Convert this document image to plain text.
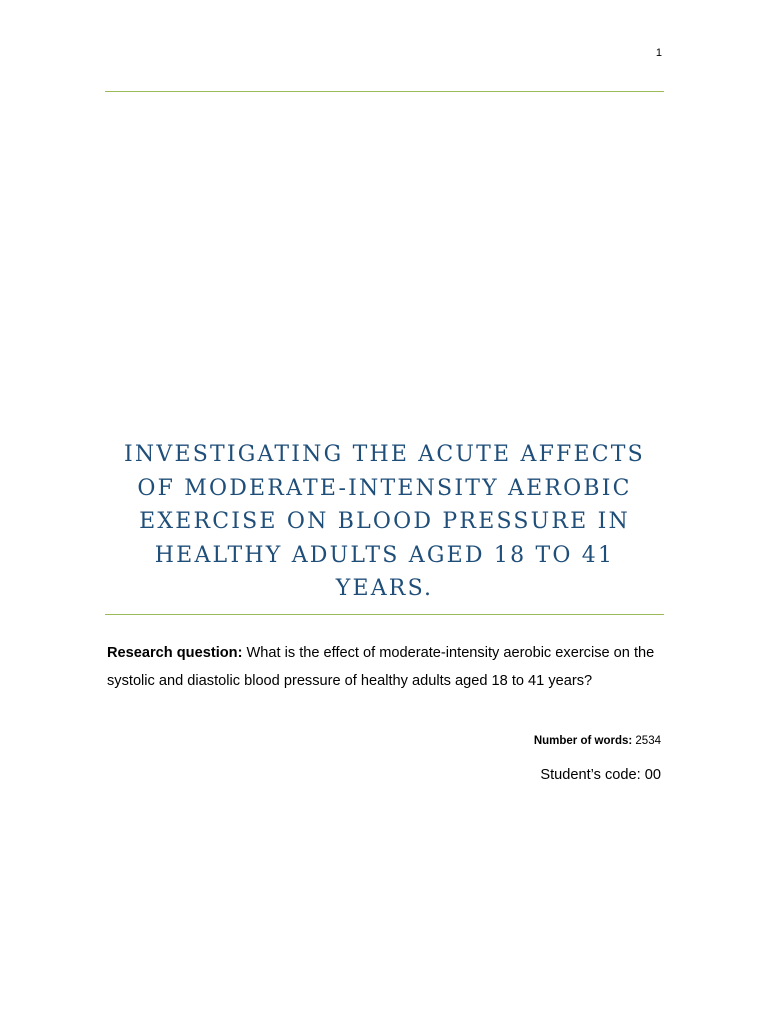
1
INVESTIGATING THE ACUTE AFFECTS OF MODERATE-INTENSITY AEROBIC EXERCISE ON BLOOD PRESSURE IN HEALTHY ADULTS AGED 18 TO 41 YEARS.

Research question: What is the effect of moderate-intensity aerobic exercise on the systolic and diastolic blood pressure of healthy adults aged 18 to 41 years?

Number of words: 2534
Student’s code: 00
